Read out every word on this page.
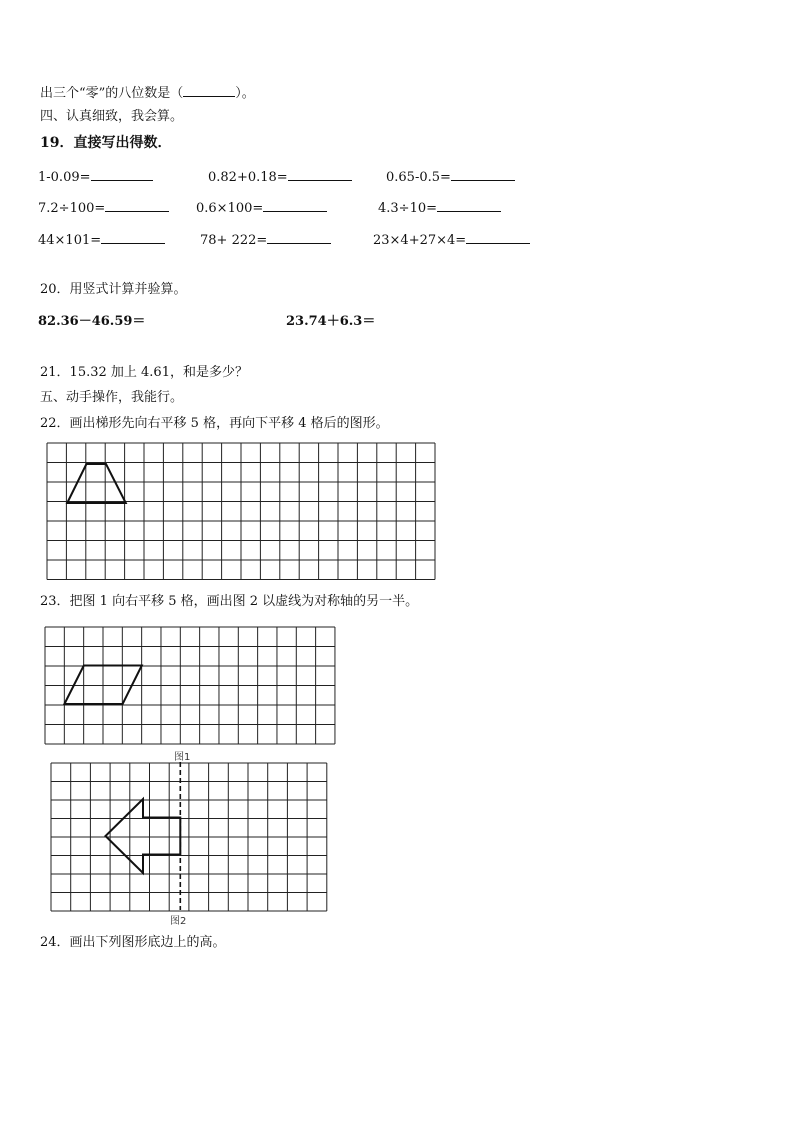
出三个“零”的八位数是（	）。
四、认真细致，我会算。
19．直接写出得数．
1-0.09=	0.82+0.18=	0.65-0.5=
7.2÷100=	0.6×100=	4.3÷10=
44×101=	78+ 222=	23×4+27×4=
20．用竖式计算并验算。
82.36－46.59＝	23.74＋6.3＝
21．15.32 加上 4.61，和是多少？
五、动手操作，我能行。
22．画出梯形先向右平移 5 格，再向下平移 4 格后的图形。
23．把图 1 向右平移 5 格，画出图 2 以虚线为对称轴的另一半。
图1
图2
24．画出下列图形底边上的高。
